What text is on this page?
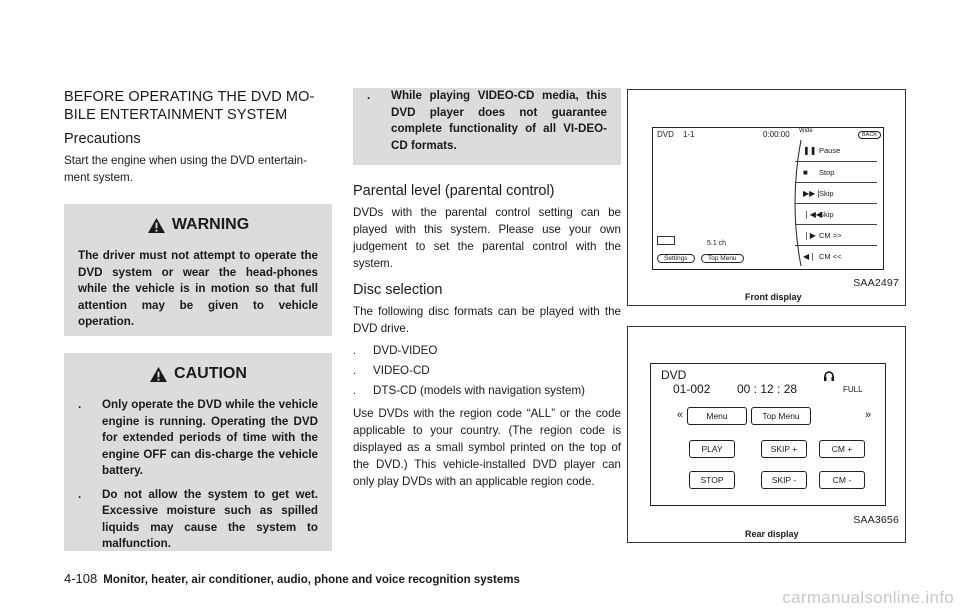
BEFORE OPERATING THE DVD MO-
BILE ENTERTAINMENT SYSTEM
Precautions
Start the engine when using the DVD entertain-
ment system.
WARNING

The driver must not attempt to operate the DVD system or wear the head-phones while the vehicle is in motion so that full attention may be given to vehicle operation.

CAUTION
. Only operate the DVD while the vehicle engine is running. Operating the DVD for extended periods of time with the engine OFF can dis-charge the vehicle battery.
. Do not allow the system to get wet. Excessive moisture such as spilled liquids may cause the system to malfunction.
. While playing VIDEO-CD media, this DVD player does not guarantee complete functionality of all VI-DEO-CD formats.
Parental level (parental control)
DVDs with the parental control setting can be played with this system. Please use your own judgement to set the parental control with the system.
Disc selection
The following disc formats can be played with the DVD drive.
. DVD-VIDEO
. VIDEO-CD
. DTS-CD (models with navigation system)
Use DVDs with the region code “ALL” or the code applicable to your country. (The region code is displayed as a small symbol printed on the top of the DVD.) This vehicle-installed DVD player can only play DVDs with an applicable region code.
DVD 1-1	0:00:00 Wide
BACK
5.1 ch
Settings	Top Menu
❚❚ Pause
■ Stop
▶▶❘
Skip
❘◀◀
Skip
❘▶ CM >>
◀❘ CM <<
SAA2497
Front display
DVD
01-002 00 : 12 : 28	FULL
«	»
Menu	Top Menu
PLAY	SKIP +	CM +
STOP	SKIP -	CM -
SAA3656
Rear display
4-108 Monitor, heater, air conditioner, audio, phone and voice recognition systems
carmanualsonline.info
